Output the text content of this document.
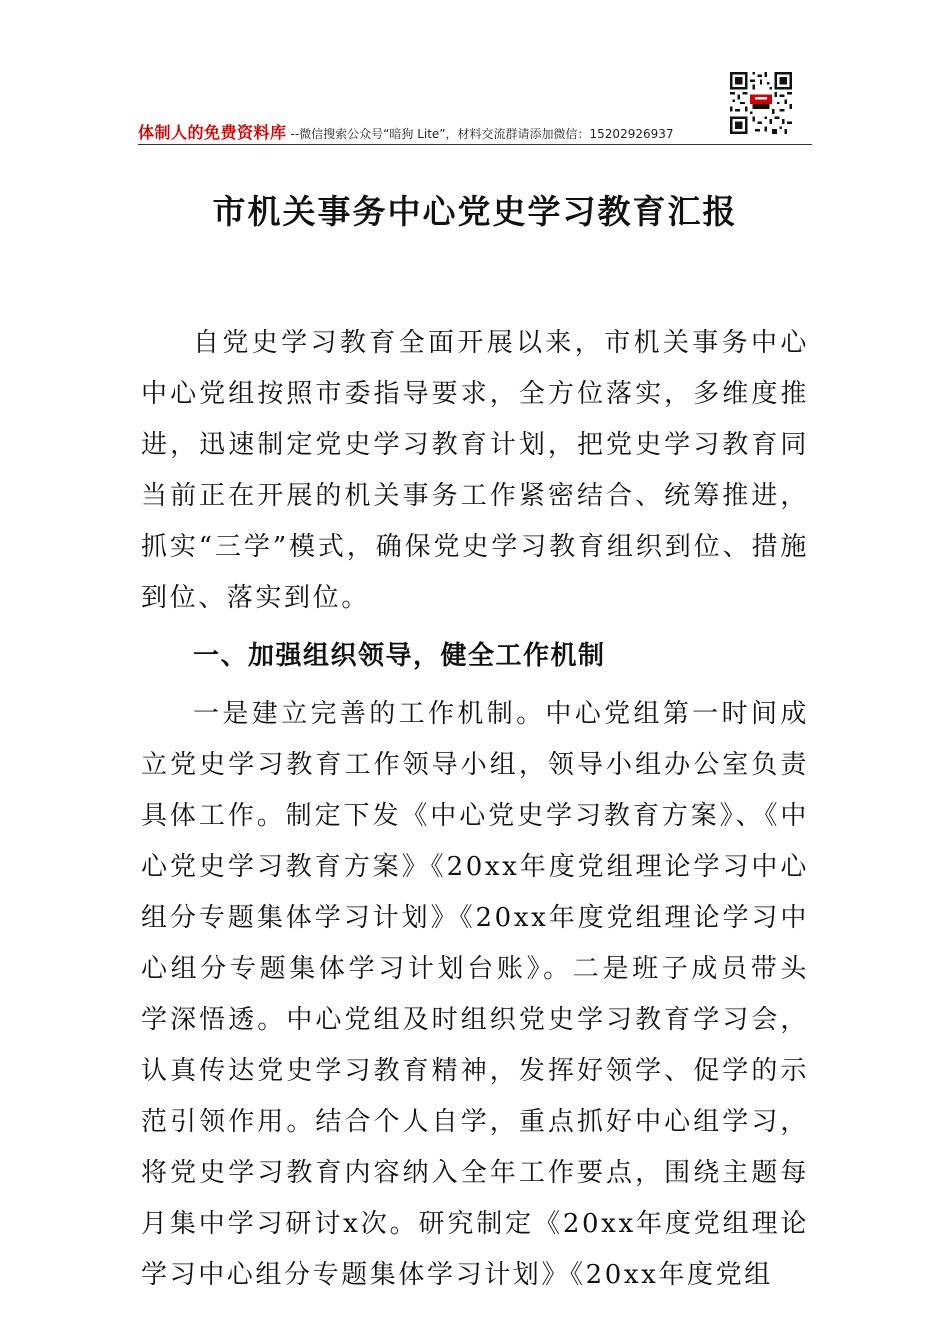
体制人的免费资料库 --微信搜索公众号“暗狗 Lite”，材料交流群请添加微信：15202926937
市机关事务中心党史学习教育汇报

自党史学习教育全面开展以来，市机关事务中心中心党组按照市委指导要求，全方位落实，多维度推进，迅速制定党史学习教育计划，把党史学习教育同当前正在开展的机关事务工作紧密结合、统筹推进，抓实“三学”模式，确保党史学习教育组织到位、措施到位、落实到位。

一、加强组织领导，健全工作机制

一是建立完善的工作机制。中心党组第一时间成立党史学习教育工作领导小组，领导小组办公室负责具体工作。制定下发《中心党史学习教育方案》、《中心党史学习教育方案》《20xx年度党组理论学习中心组分专题集体学习计划》《20xx年度党组理论学习中心组分专题集体学习计划台账》。二是班子成员带头学深悟透。中心党组及时组织党史学习教育学习会，认真传达党史学习教育精神，发挥好领学、促学的示范引领作用。结合个人自学，重点抓好中心组学习，将党史学习教育内容纳入全年工作要点，围绕主题每月集中学习研讨x次。研究制定《20xx年度党组理论学习中心组分专题集体学习计划》《20xx年度党组
